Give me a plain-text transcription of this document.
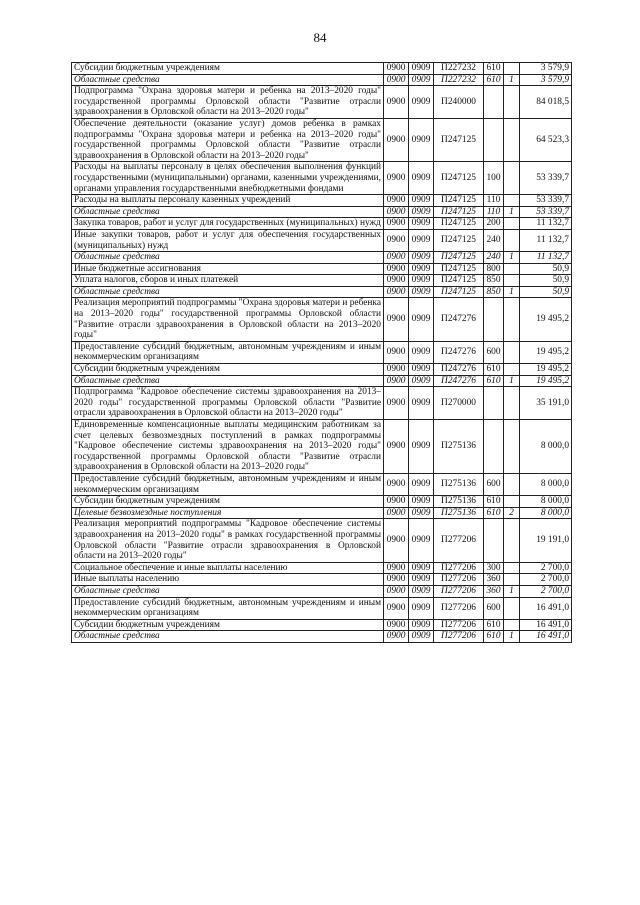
84
Субсидии бюджетным учреждениям	0900	0909	П227232	610		3 579,9
Областные средства	0900	0909	П227232	610	1	3 579,9
Подпрограмма "Охрана здоровья матери и ребенка на 2013–2020 годы" государственной программы Орловской области "Развитие отрасли здравоохранения в Орловской области на 2013–2020 годы"	0900	0909	П240000			84 018,5
Обеспечение деятельности (оказание услуг) домов ребенка в рамках подпрограммы "Охрана здоровья матери и ребенка на 2013–2020 годы" государственной программы Орловской области "Развитие отрасли здравоохранения в Орловской области на 2013–2020 годы"	0900	0909	П247125			64 523,3
Расходы на выплаты персоналу в целях обеспечения выполнения функций государственными (муниципальными) органами, казенными учреждениями, органами управления государственными внебюджетными фондами	0900	0909	П247125	100		53 339,7
Расходы на выплаты персоналу казенных учреждений	0900	0909	П247125	110		53 339,7
Областные средства	0900	0909	П247125	110	1	53 339,7
Закупка товаров, работ и услуг для государственных (муниципальных) нужд	0900	0909	П247125	200		11 132,7
Иные закупки товаров, работ и услуг для обеспечения государственных (муниципальных) нужд	0900	0909	П247125	240		11 132,7
Областные средства	0900	0909	П247125	240	1	11 132,7
Иные бюджетные ассигнования	0900	0909	П247125	800		50,9
Уплата налогов, сборов и иных платежей	0900	0909	П247125	850		50,9
Областные средства	0900	0909	П247125	850	1	50,9
Реализация мероприятий подпрограммы "Охрана здоровья матери и ребенка на 2013–2020 годы" государственной программы Орловской области "Развитие отрасли здравоохранения в Орловской области на 2013–2020 годы"	0900	0909	П247276			19 495,2
Предоставление субсидий бюджетным, автономным учреждениям и иным некоммерческим организациям	0900	0909	П247276	600		19 495,2
Субсидии бюджетным учреждениям	0900	0909	П247276	610		19 495,2
Областные средства	0900	0909	П247276	610	1	19 495,2
Подпрограмма "Кадровое обеспечение системы здравоохранения на 2013–2020 годы" государственной программы Орловской области "Развитие отрасли здравоохранения в Орловской области на 2013–2020 годы"	0900	0909	П270000			35 191,0
Единовременные компенсационные выплаты медицинским работникам за счет целевых безвозмездных поступлений в рамках подпрограммы "Кадровое обеспечение системы здравоохранения на 2013–2020 годы" государственной программы Орловской области "Развитие отрасли здравоохранения в Орловской области на 2013–2020 годы"	0900	0909	П275136			8 000,0
Предоставление субсидий бюджетным, автономным учреждениям и иным некоммерческим организациям	0900	0909	П275136	600		8 000,0
Субсидии бюджетным учреждениям	0900	0909	П275136	610		8 000,0
Целевые безвозмездные поступления	0900	0909	П275136	610	2	8 000,0
Реализация мероприятий подпрограммы "Кадровое обеспечение системы здравоохранения на 2013–2020 годы" в рамках государственной программы Орловской области "Развитие отрасли здравоохранения в Орловской области на 2013–2020 годы"	0900	0909	П277206			19 191,0
Социальное обеспечение и иные выплаты населению	0900	0909	П277206	300		2 700,0
Иные выплаты населению	0900	0909	П277206	360		2 700,0
Областные средства	0900	0909	П277206	360	1	2 700,0
Предоставление субсидий бюджетным, автономным учреждениям и иным некоммерческим организациям	0900	0909	П277206	600		16 491,0
Субсидии бюджетным учреждениям	0900	0909	П277206	610		16 491,0
Областные средства	0900	0909	П277206	610	1	16 491,0
